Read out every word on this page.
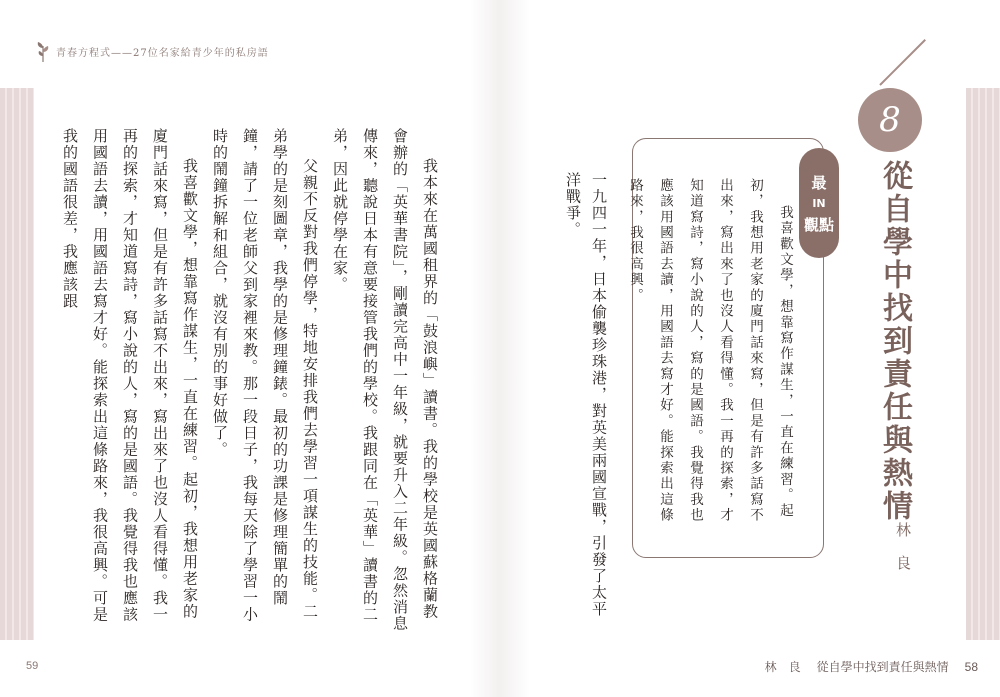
青春方程式——27位名家給青少年的私房語

我本來在萬國租界的「鼓浪嶼」讀書。我的學校是英國蘇格蘭教會辦的「英華書院」，剛讀完高中一年級，就要升入二年級。忽然消息傳來，聽說日本有意要接管我們的學校。我跟同在「英華」讀書的二弟，因此就停學在家。

父親不反對我們停學，特地安排我們去學習一項謀生的技能。二弟學的是刻圖章，我學的是修理鐘錶。最初的功課是修理簡單的鬧鐘，請了一位老師父到家裡來教。那一段日子，我每天除了學習一小時的鬧鐘拆解和組合，就沒有別的事好做了。

我喜歡文學，想靠寫作謀生，一直在練習。起初，我想用老家的廈門話來寫，但是有許多話寫不出來，寫出來了也沒人看得懂。我一再的探索，才知道寫詩，寫小說的人，寫的是國語。我覺得我也應該用國語去讀，用國語去寫才好。能探索出這條路來，我很高興。可是我的國語很差，我應該跟

8
從自學中找到責任與熱情
林良
最
IN
觀點

我喜歡文學，想靠寫作謀生，一直在練習。起初，我想用老家的廈門話來寫，但是有許多話寫不出來，寫出來了也沒人看得懂。我一再的探索，才知道寫詩，寫小說的人，寫的是國語。我覺得我也應該用國語去讀，用國語去寫才好。能探索出這條路來，我很高興。

一九四一年，日本偷襲珍珠港，對英美兩國宣戰，引發了太平洋戰爭。
59	林　良 從自學中找到責任與熱情 58
